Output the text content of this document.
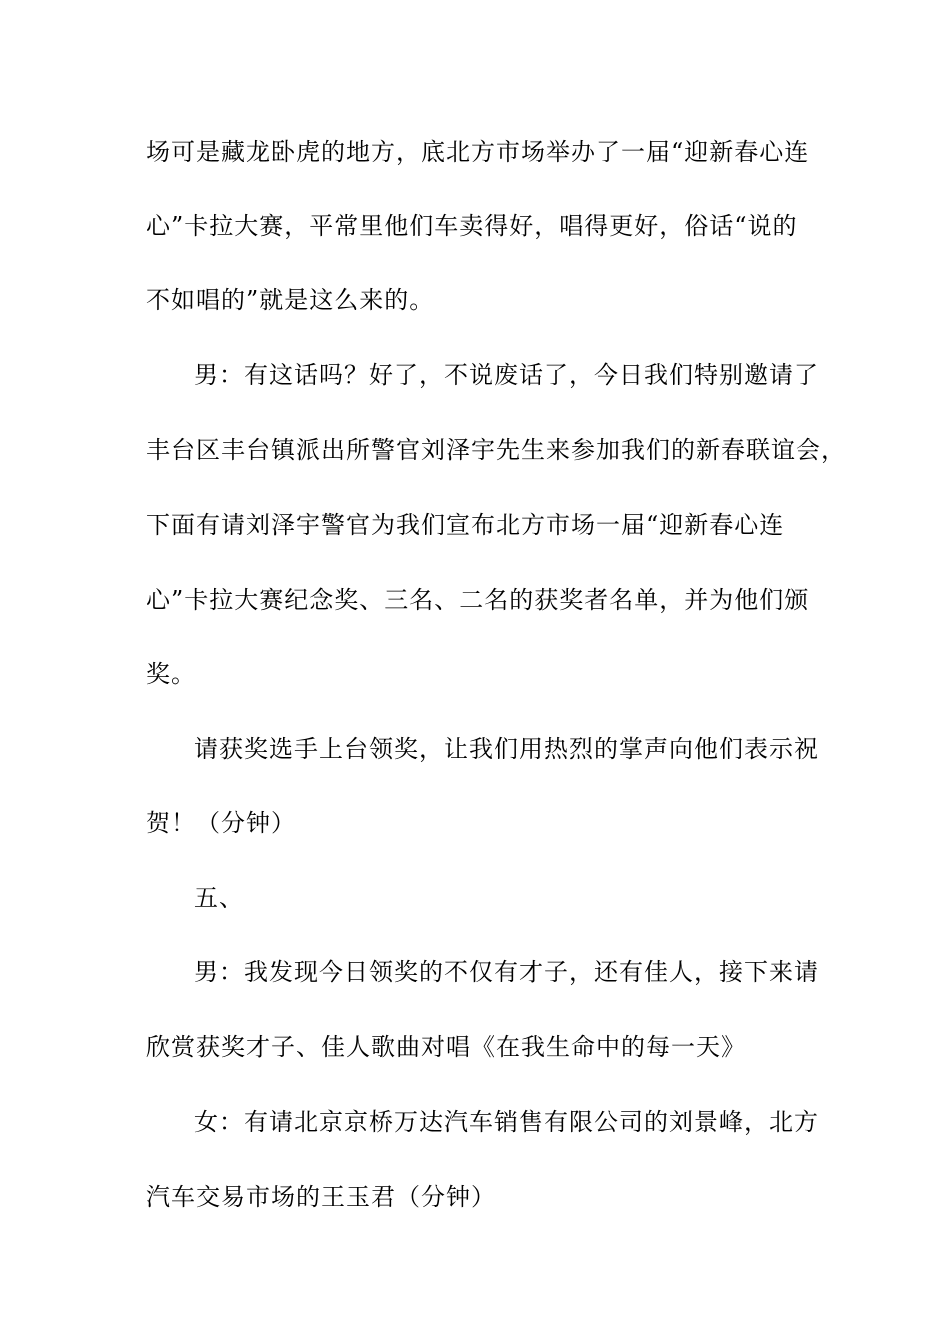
场可是藏龙卧虎的地方，底北方市场举办了一届“迎新春心连
心”卡拉大赛，平常里他们车卖得好，唱得更好，俗话“说的
不如唱的”就是这么来的。
男：有这话吗？好了，不说废话了，今日我们特别邀请了
丰台区丰台镇派出所警官刘泽宇先生来参加我们的新春联谊会，
下面有请刘泽宇警官为我们宣布北方市场一届“迎新春心连
心”卡拉大赛纪念奖、三名、二名的获奖者名单，并为他们颁
奖。
请获奖选手上台领奖，让我们用热烈的掌声向他们表示祝
贺！（分钟）
五、
男：我发现今日领奖的不仅有才子，还有佳人，接下来请
欣赏获奖才子、佳人歌曲对唱《在我生命中的每一天》
女：有请北京京桥万达汽车销售有限公司的刘景峰，北方
汽车交易市场的王玉君（分钟）
